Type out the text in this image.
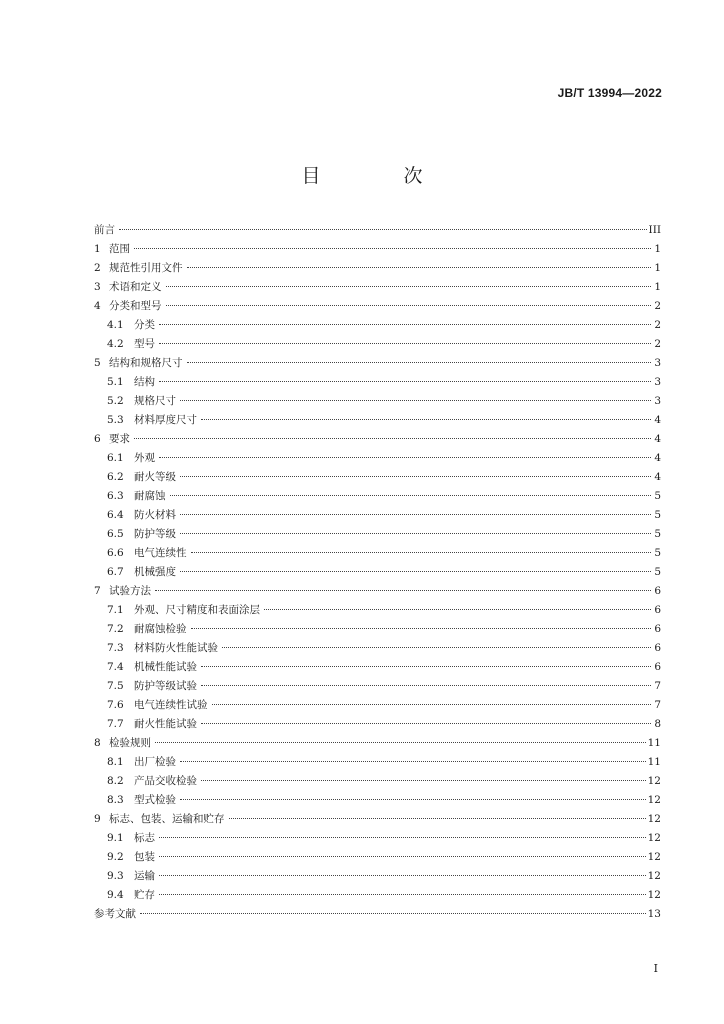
JB/T 13994—2022
目　次
前言	III
1 范围	1
2 规范性引用文件	1
3 术语和定义	1
4 分类和型号	2
4.1 分类	2
4.2 型号	2
5 结构和规格尺寸	3
5.1 结构	3
5.2 规格尺寸	3
5.3 材料厚度尺寸	4
6 要求	4
6.1 外观	4
6.2 耐火等级	4
6.3 耐腐蚀	5
6.4 防火材料	5
6.5 防护等级	5
6.6 电气连续性	5
6.7 机械强度	5
7 试验方法	6
7.1 外观、尺寸精度和表面涂层	6
7.2 耐腐蚀检验	6
7.3 材料防火性能试验	6
7.4 机械性能试验	6
7.5 防护等级试验	7
7.6 电气连续性试验	7
7.7 耐火性能试验	8
8 检验规则	11
8.1 出厂检验	11
8.2 产品交收检验	12
8.3 型式检验	12
9 标志、包装、运输和贮存	12
9.1 标志	12
9.2 包装	12
9.3 运输	12
9.4 贮存	12
参考文献	13
I
